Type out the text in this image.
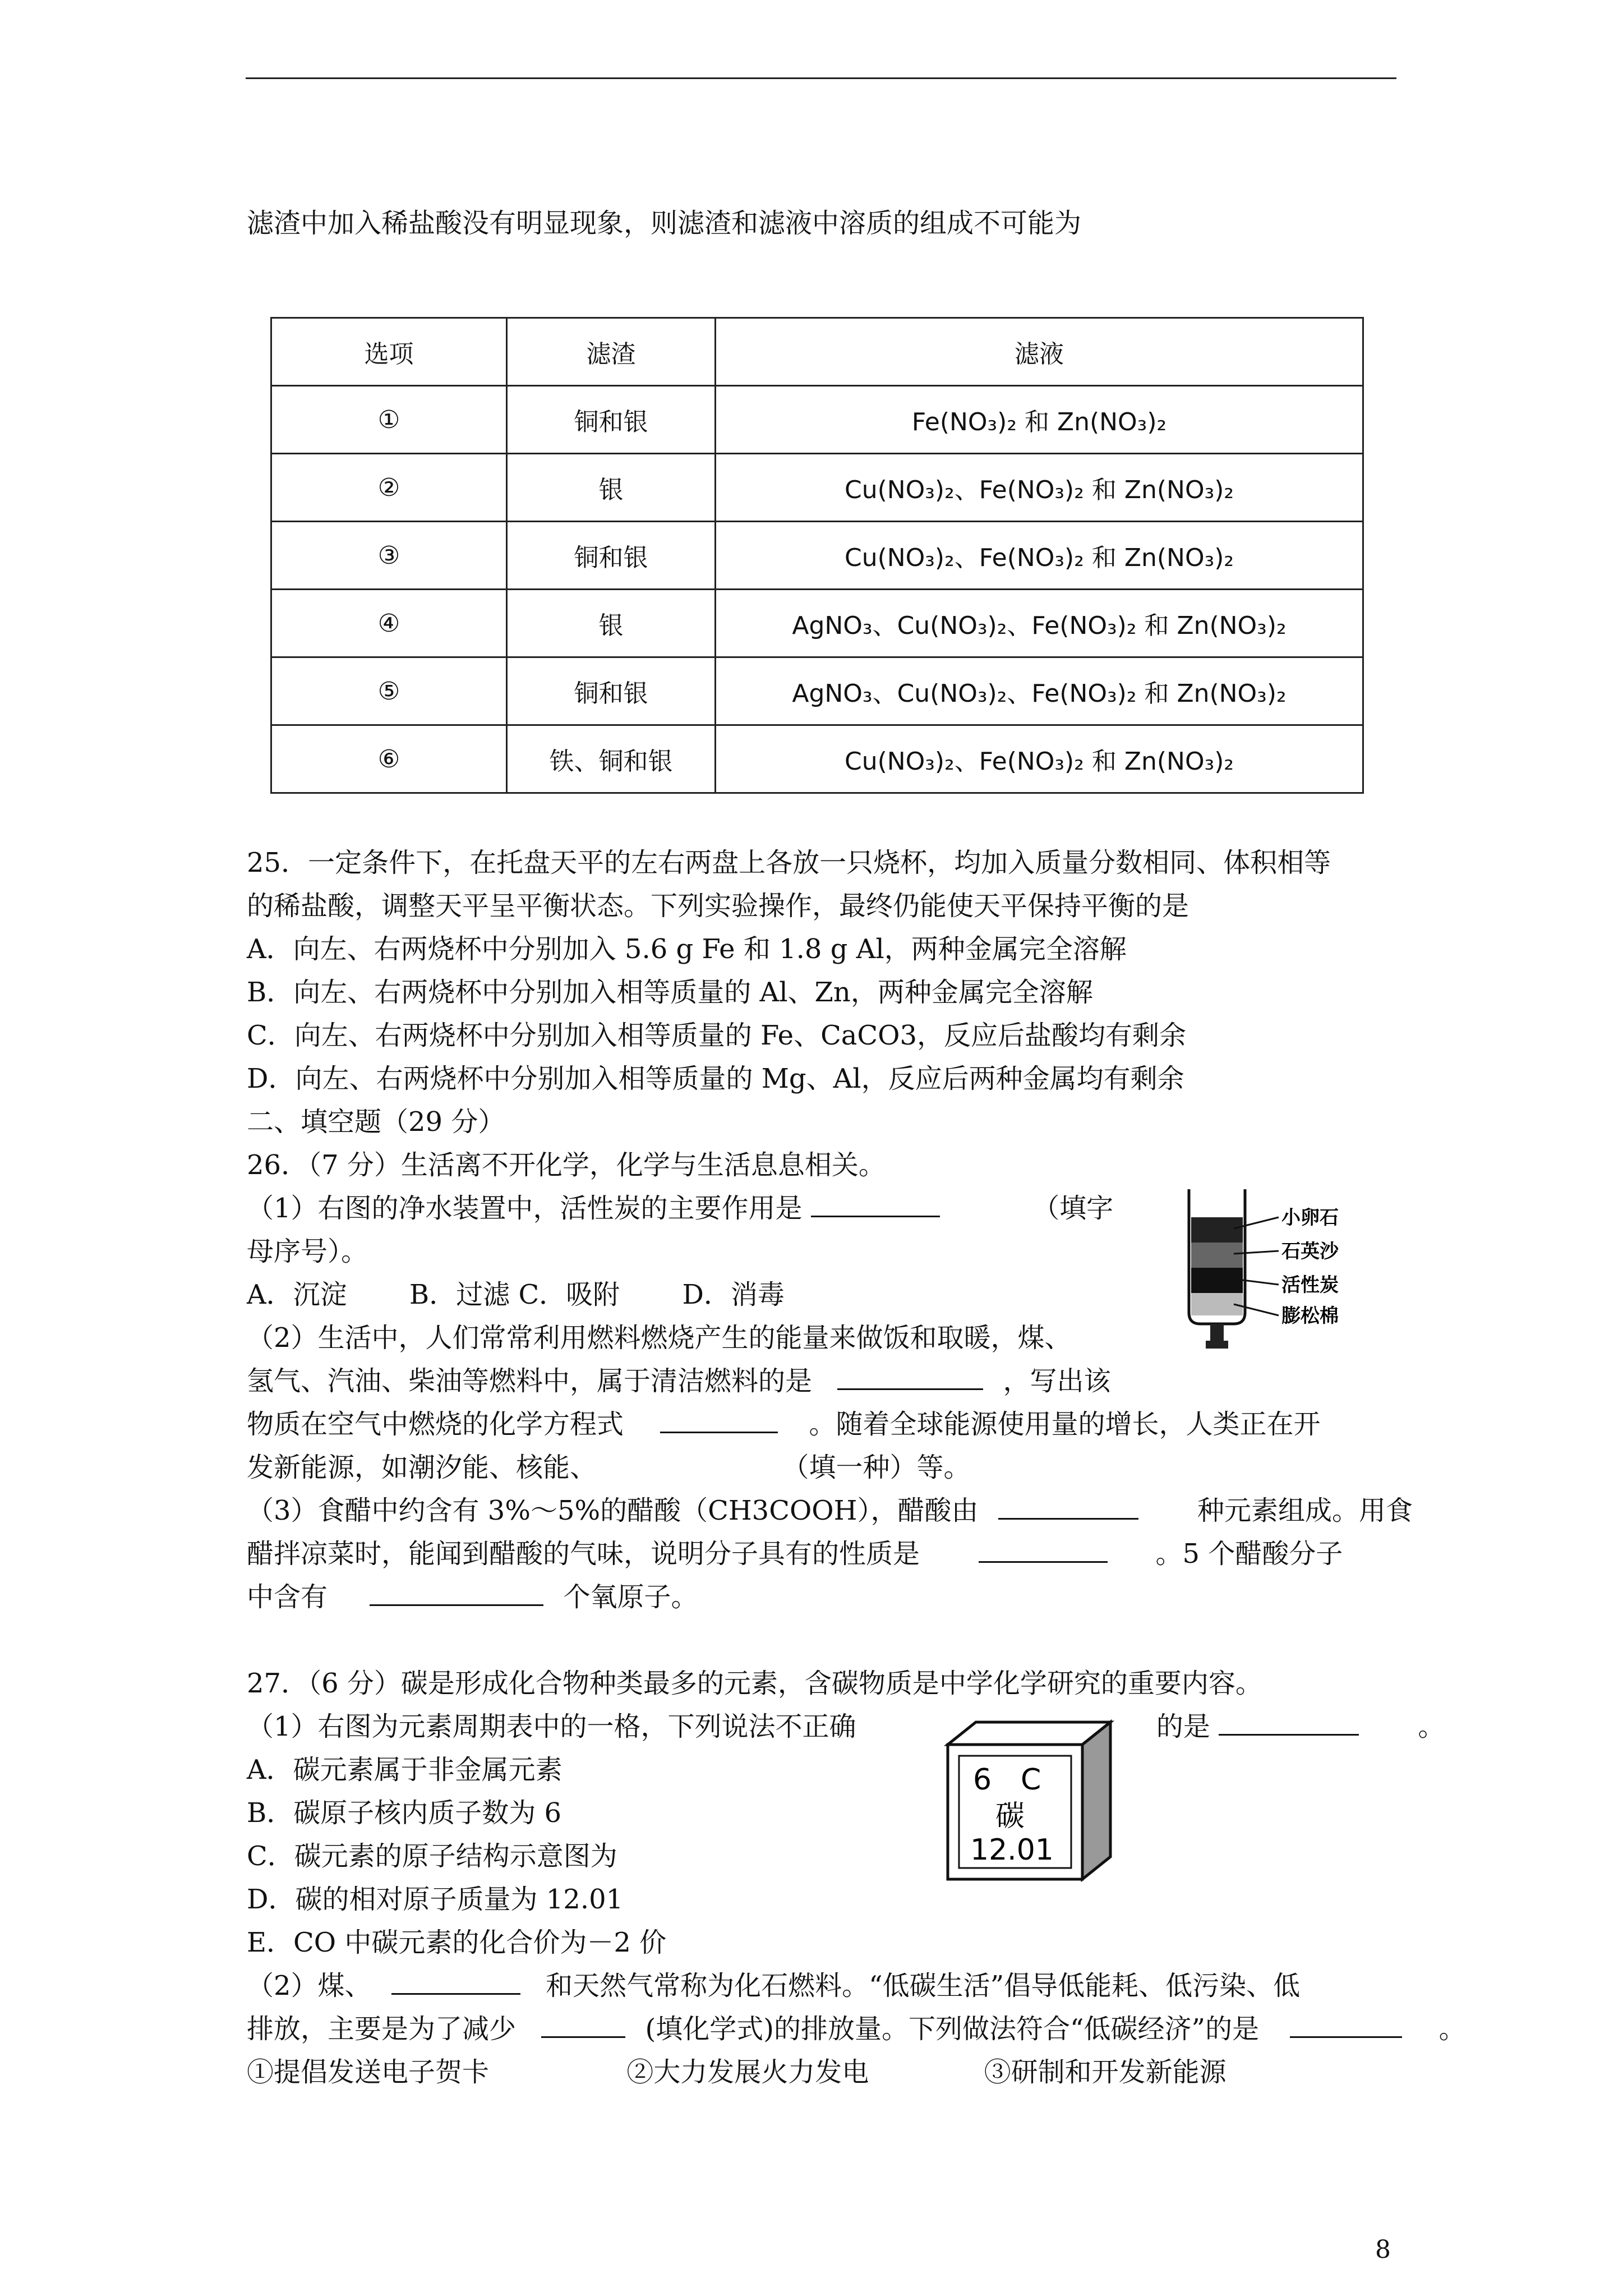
滤渣中加入稀盐酸没有明显现象，则滤渣和滤液中溶质的组成不可能为
选项	滤渣	滤液
①	铜和银	Fe(NO₃)₂ 和 Zn(NO₃)₂
②	银	Cu(NO₃)₂、Fe(NO₃)₂ 和 Zn(NO₃)₂
③	铜和银	Cu(NO₃)₂、Fe(NO₃)₂ 和 Zn(NO₃)₂
④	银	AgNO₃、Cu(NO₃)₂、Fe(NO₃)₂ 和 Zn(NO₃)₂
⑤	铜和银	AgNO₃、Cu(NO₃)₂、Fe(NO₃)₂ 和 Zn(NO₃)₂
⑥	铁、铜和银	Cu(NO₃)₂、Fe(NO₃)₂ 和 Zn(NO₃)₂
25．一定条件下，在托盘天平的左右两盘上各放一只烧杯，均加入质量分数相同、体积相等
的稀盐酸，调整天平呈平衡状态。下列实验操作，最终仍能使天平保持平衡的是
A．向左、右两烧杯中分别加入 5.6 g Fe 和 1.8 g Al，两种金属完全溶解
B．向左、右两烧杯中分别加入相等质量的 Al、Zn，两种金属完全溶解
C．向左、右两烧杯中分别加入相等质量的 Fe、CaCO3，反应后盐酸均有剩余
D．向左、右两烧杯中分别加入相等质量的 Mg、Al，反应后两种金属均有剩余
二、填空题（29 分）
26．（7 分）生活离不开化学，化学与生活息息相关。
（1）右图的净水装置中，活性炭的主要作用是	（填字
母序号）。
A．沉淀　　 B．过滤 C．吸附　　 D．消毒
（2）生活中，人们常常利用燃料燃烧产生的能量来做饭和取暖，煤、
氢气、汽油、柴油等燃料中，属于清洁燃料的是	，写出该
物质在空气中燃烧的化学方程式	。随着全球能源使用量的增长，人类正在开
发新能源，如潮汐能、核能、	（填一种）等。
（3）食醋中约含有 3%～5%的醋酸（CH3COOH），醋酸由	种元素组成。用食
醋拌凉菜时，能闻到醋酸的气味，说明分子具有的性质是	。5 个醋酸分子
中含有	个氧原子。
小卵石
石英沙
活性炭
膨松棉
27．（6 分）碳是形成化合物种类最多的元素，含碳物质是中学化学研究的重要内容。
（1）右图为元素周期表中的一格，下列说法不正确	的是	。
A．碳元素属于非金属元素
B．碳原子核内质子数为 6
C．碳元素的原子结构示意图为
D．碳的相对原子质量为 12.01
E．CO 中碳元素的化合价为－2 价
（2）煤、	和天然气常称为化石燃料。“低碳生活”倡导低能耗、低污染、低
排放，主要是为了减少	(填化学式)的排放量。下列做法符合“低碳经济”的是	。
①提倡发送电子贺卡	②大力发展火力发电	③研制和开发新能源
6 C
碳
12.01
8
